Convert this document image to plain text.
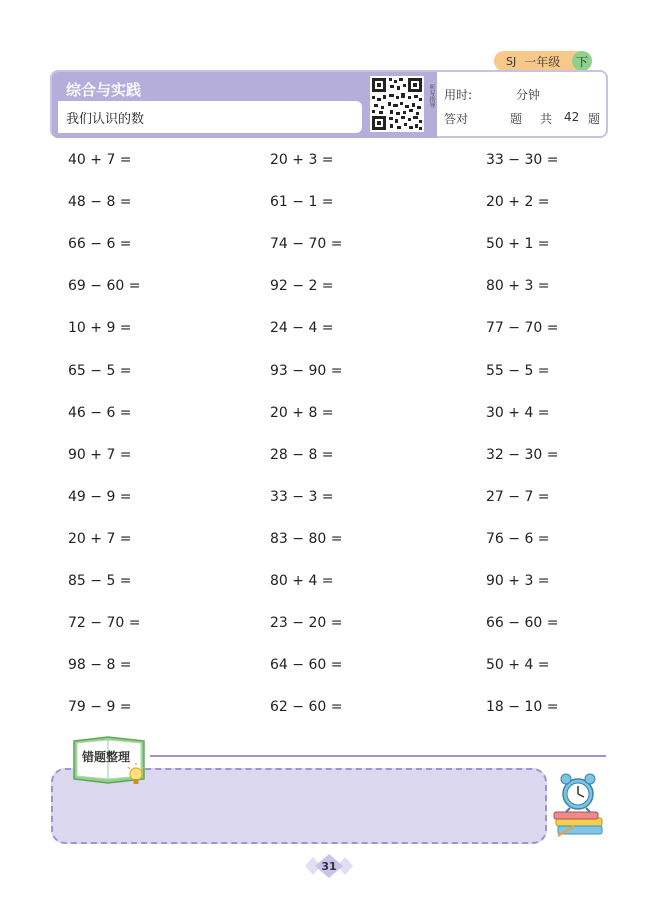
SJ 一年级	下
综合与实践
我们认识的数
听写指导 用时:	分钟
答对	题 共 42 题
40 + 7 =	20 + 3 =	33 − 30 =
48 − 8 =	61 − 1 =	20 + 2 =
66 − 6 =	74 − 70 =	50 + 1 =
69 − 60 =	92 − 2 =	80 + 3 =
10 + 9 =	24 − 4 =	77 − 70 =
65 − 5 =	93 − 90 =	55 − 5 =
46 − 6 =	20 + 8 =	30 + 4 =
90 + 7 =	28 − 8 =	32 − 30 =
49 − 9 =	33 − 3 =	27 − 7 =
20 + 7 =	83 − 80 =	76 − 6 =
85 − 5 =	80 + 4 =	90 + 3 =
72 − 70 =	23 − 20 =	66 − 60 =
98 − 8 =	64 − 60 =	50 + 4 =
79 − 9 =	62 − 60 =	18 − 10 =
错题整理
31
